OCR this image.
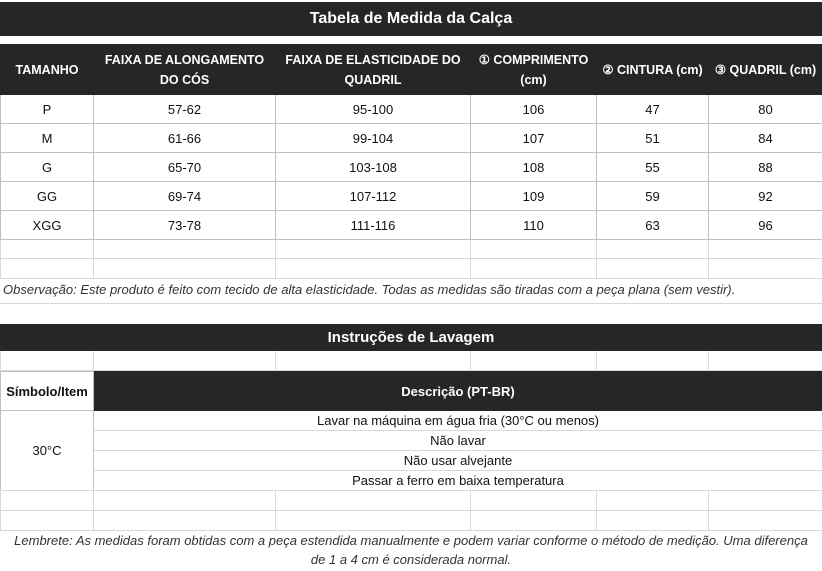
Tabela de Medida da Calça
TAMANHO	FAIXA DE ALONGAMENTO DO CÓS	FAIXA DE ELASTICIDADE DO QUADRIL	① COMPRIMENTO (cm)	② CINTURA (cm)	③ QUADRIL (cm)
P	57-62	95-100	106	47	80
M	61-66	99-104	107	51	84
G	65-70	103-108	108	55	88
GG	69-74	107-112	109	59	92
XGG	73-78	111-116	110	63	96

Observação: Este produto é feito com tecido de alta elasticidade. Todas as medidas são tiradas com a peça plana (sem vestir).
Instruções de Lavagem

Símbolo/Item	Descrição (PT-BR)
30°C	Lavar na máquina em água fria (30°C ou menos)
	Não lavar
	Não usar alvejante
	Passar a ferro em baixa temperatura

Lembrete: As medidas foram obtidas com a peça estendida manualmente e podem variar conforme o método de medição. Uma diferença de 1 a 4 cm é considerada normal.
